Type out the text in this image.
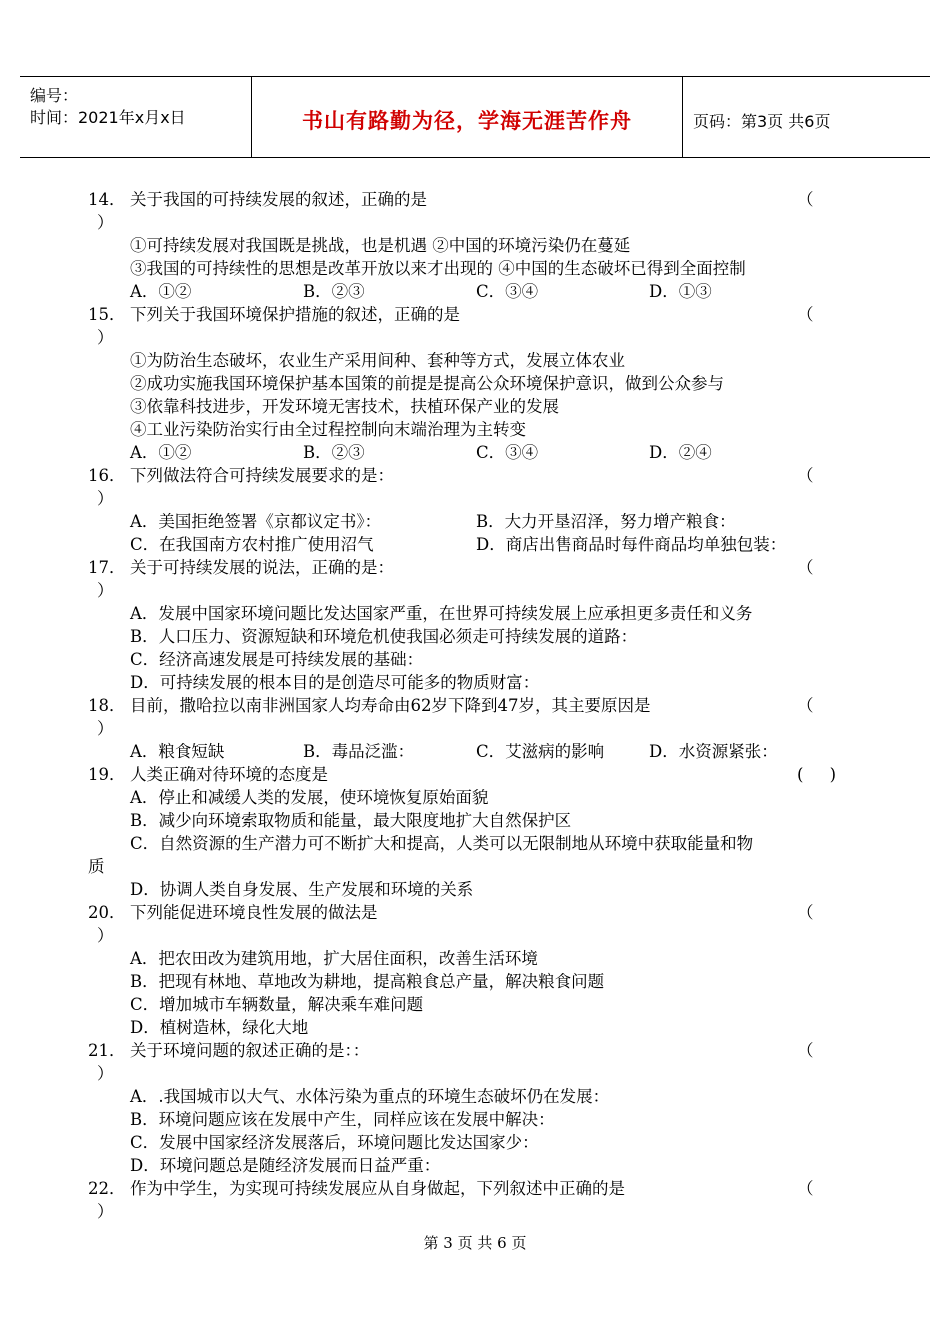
编号：
时间：2021年x月x日	书山有路勤为径，学海无涯苦作舟	页码：第3页 共6页
14． 关于我国的可持续发展的叙述，正确的是	（
）
①可持续发展对我国既是挑战，也是机遇 ②中国的环境污染仍在蔓延
③我国的可持续性的思想是改革开放以来才出现的 ④中国的生态破坏已得到全面控制
A．①②	B．②③	C．③④	D．①③
15． 下列关于我国环境保护措施的叙述，正确的是	（
）
①为防治生态破坏，农业生产采用间种、套种等方式，发展立体农业
②成功实施我国环境保护基本国策的前提是提高公众环境保护意识，做到公众参与
③依靠科技进步，开发环境无害技术，扶植环保产业的发展
④工业污染防治实行由全过程控制向末端治理为主转变
A．①②	B．②③	C．③④	D．②④
16． 下列做法符合可持续发展要求的是：	（
）
A．美国拒绝签署《京都议定书》：	B．大力开垦沼泽，努力增产粮食：
C．在我国南方农村推广使用沼气	D．商店出售商品时每件商品均单独包装：
17． 关于可持续发展的说法，正确的是：	（
）
A．发展中国家环境问题比发达国家严重，在世界可持续发展上应承担更多责任和义务
B．人口压力、资源短缺和环境危机使我国必须走可持续发展的道路：
C．经济高速发展是可持续发展的基础：
D．可持续发展的根本目的是创造尽可能多的物质财富：
18． 目前，撒哈拉以南非洲国家人均寿命由62岁下降到47岁，其主要原因是	（
）
A．粮食短缺	B．毒品泛滥：	C．艾滋病的影响	D．水资源紧张：
19． 人类正确对待环境的态度是	(     )
A．停止和减缓人类的发展，使环境恢复原始面貌
B．减少向环境索取物质和能量，最大限度地扩大自然保护区
C．自然资源的生产潜力可不断扩大和提高，人类可以无限制地从环境中获取能量和物
质
D．协调人类自身发展、生产发展和环境的关系
20． 下列能促进环境良性发展的做法是	（
）
A．把农田改为建筑用地，扩大居住面积，改善生活环境
B．把现有林地、草地改为耕地，提高粮食总产量，解决粮食问题
C．增加城市车辆数量，解决乘车难问题
D．植树造林，绿化大地
21． 关于环境问题的叙述正确的是：：	（
）
A．.我国城市以大气、水体污染为重点的环境生态破坏仍在发展：
B．环境问题应该在发展中产生，同样应该在发展中解决：
C．发展中国家经济发展落后，环境问题比发达国家少：
D．环境问题总是随经济发展而日益严重：
22． 作为中学生，为实现可持续发展应从自身做起，下列叙述中正确的是	（
）
第 3 页 共 6 页
